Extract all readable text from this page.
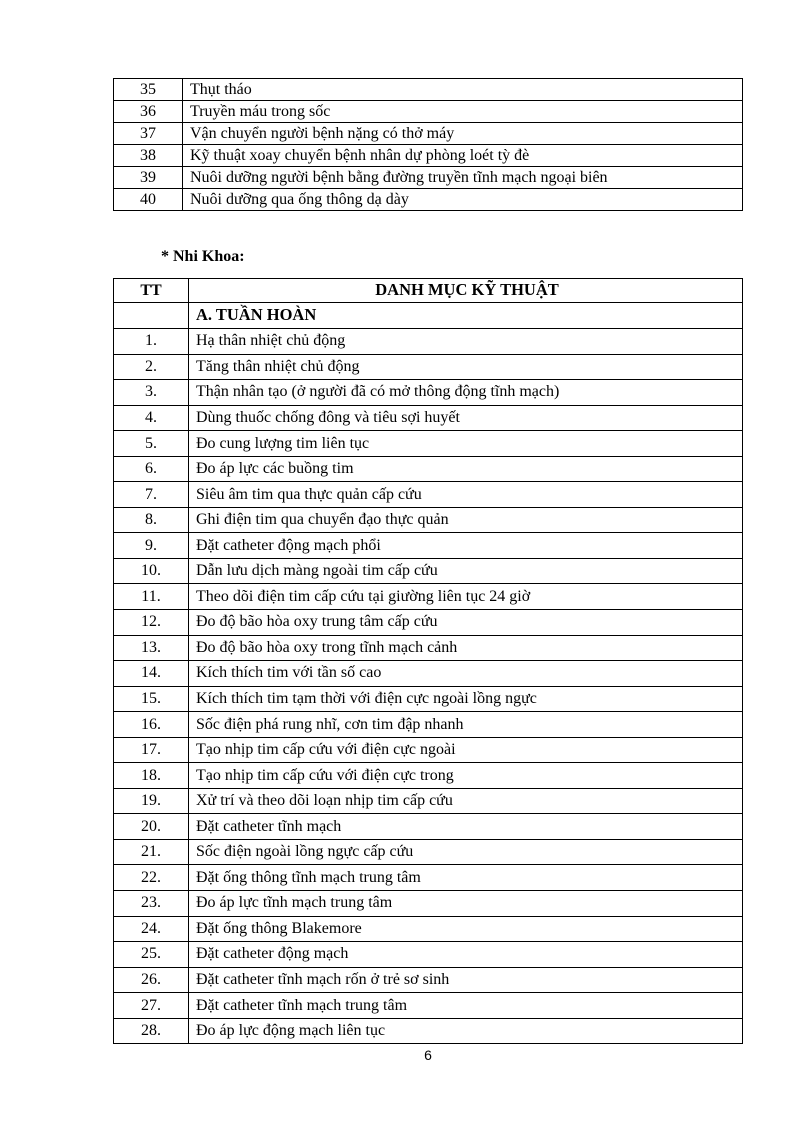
35	Thụt tháo
36	Truyền máu trong sốc
37	Vận chuyển người bệnh nặng có thở máy
38	Kỹ thuật xoay chuyển bệnh nhân dự phòng loét tỳ đè
39	Nuôi dưỡng người bệnh bằng đường truyền tĩnh mạch ngoại biên
40	Nuôi dưỡng qua ống thông dạ dày
* Nhi Khoa:
TT	DANH MỤC KỸ THUẬT
	A. TUẦN HOÀN
1.	Hạ thân nhiệt chủ động
2.	Tăng thân nhiệt chủ động
3.	Thận nhân tạo (ở người đã có mở thông động tĩnh mạch)
4.	Dùng thuốc chống đông và tiêu sợi huyết
5.	Đo cung lượng tim liên tục
6.	Đo áp lực các buồng tim
7.	Siêu âm tim qua thực quản cấp cứu
8.	Ghi điện tim qua chuyển đạo thực quản
9.	Đặt catheter động mạch phổi
10.	Dẫn lưu dịch màng ngoài tim cấp cứu
11.	Theo dõi điện tim cấp cứu tại giường liên tục 24 giờ
12.	Đo độ bão hòa oxy trung tâm cấp cứu
13.	Đo độ bão hòa oxy trong tĩnh mạch cảnh
14.	Kích thích tim với tần số cao
15.	Kích thích tim tạm thời với điện cực ngoài lồng ngực
16.	Sốc điện phá rung nhĩ, cơn tim đập nhanh
17.	Tạo nhịp tim cấp cứu với điện cực ngoài
18.	Tạo nhịp tim cấp cứu với điện cực trong
19.	Xử trí và theo dõi loạn nhịp tim cấp cứu
20.	Đặt catheter tĩnh mạch
21.	Sốc điện ngoài lồng ngực cấp cứu
22.	Đặt ống thông tĩnh mạch trung tâm
23.	Đo áp lực tĩnh mạch trung tâm
24.	Đặt ống thông Blakemore
25.	Đặt catheter động mạch
26.	Đặt catheter tĩnh mạch rốn ở trẻ sơ sinh
27.	Đặt catheter tĩnh mạch trung tâm
28.	Đo áp lực động mạch liên tục
6
